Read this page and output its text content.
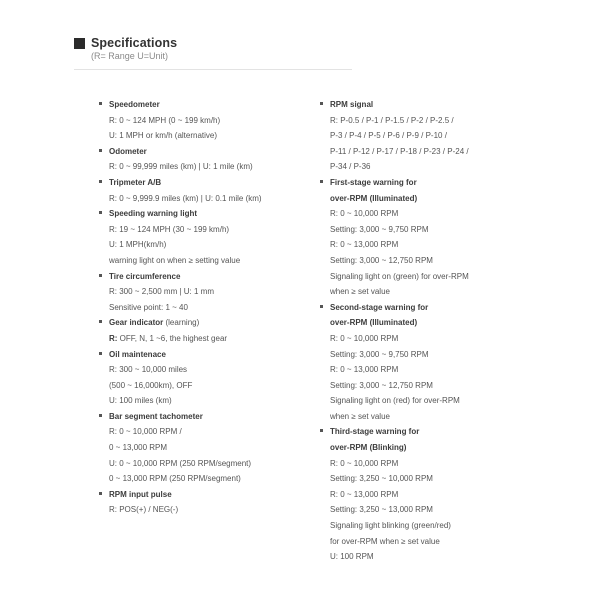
Specifications
(R= Range U=Unit)
Speedometer
R: 0 ~ 124 MPH (0 ~ 199 km/h)
U: 1 MPH or km/h (alternative)
Odometer
R: 0 ~ 99,999 miles (km) | U: 1 mile (km)
Tripmeter A/B
R: 0 ~ 9,999.9 miles (km) | U: 0.1 mile (km)
Speeding warning light
R: 19 ~ 124 MPH (30 ~ 199 km/h)
U: 1 MPH(km/h)
warning light on when ≥ setting value
Tire circumference
R: 300 ~ 2,500 mm | U: 1 mm
Sensitive point: 1 ~ 40
Gear indicator (learning)
R: OFF, N, 1 ~6, the highest gear
Oil maintenace
R: 300 ~ 10,000 miles
(500 ~ 16,000km), OFF
U: 100 miles (km)
Bar segment tachometer
R: 0 ~ 10,000 RPM /
0 ~ 13,000 RPM
U: 0 ~ 10,000 RPM (250 RPM/segment)
0 ~ 13,000 RPM (250 RPM/segment)
RPM input pulse
R: POS(+) / NEG(-)
RPM signal
R: P-0.5 / P-1 / P-1.5 / P-2 / P-2.5 /
P-3 / P-4 / P-5 / P-6 / P-9 / P-10 /
P-11 / P-12 / P-17 / P-18 / P-23 / P-24 /
P-34 / P-36
First-stage warning for
over-RPM (Illuminated)
R: 0 ~ 10,000 RPM
Setting: 3,000 ~ 9,750 RPM
R: 0 ~ 13,000 RPM
Setting: 3,000 ~ 12,750 RPM
Signaling light on (green) for over-RPM
when ≥ set value
Second-stage warning for
over-RPM (Illuminated)
R: 0 ~ 10,000 RPM
Setting: 3,000 ~ 9,750 RPM
R: 0 ~ 13,000 RPM
Setting: 3,000 ~ 12,750 RPM
Signaling light on (red) for over-RPM
when ≥ set value
Third-stage warning for
over-RPM (Blinking)
R: 0 ~ 10,000 RPM
Setting: 3,250 ~ 10,000 RPM
R: 0 ~ 13,000 RPM
Setting: 3,250 ~ 13,000 RPM
Signaling light blinking (green/red)
for over-RPM when ≥ set value
U: 100 RPM
